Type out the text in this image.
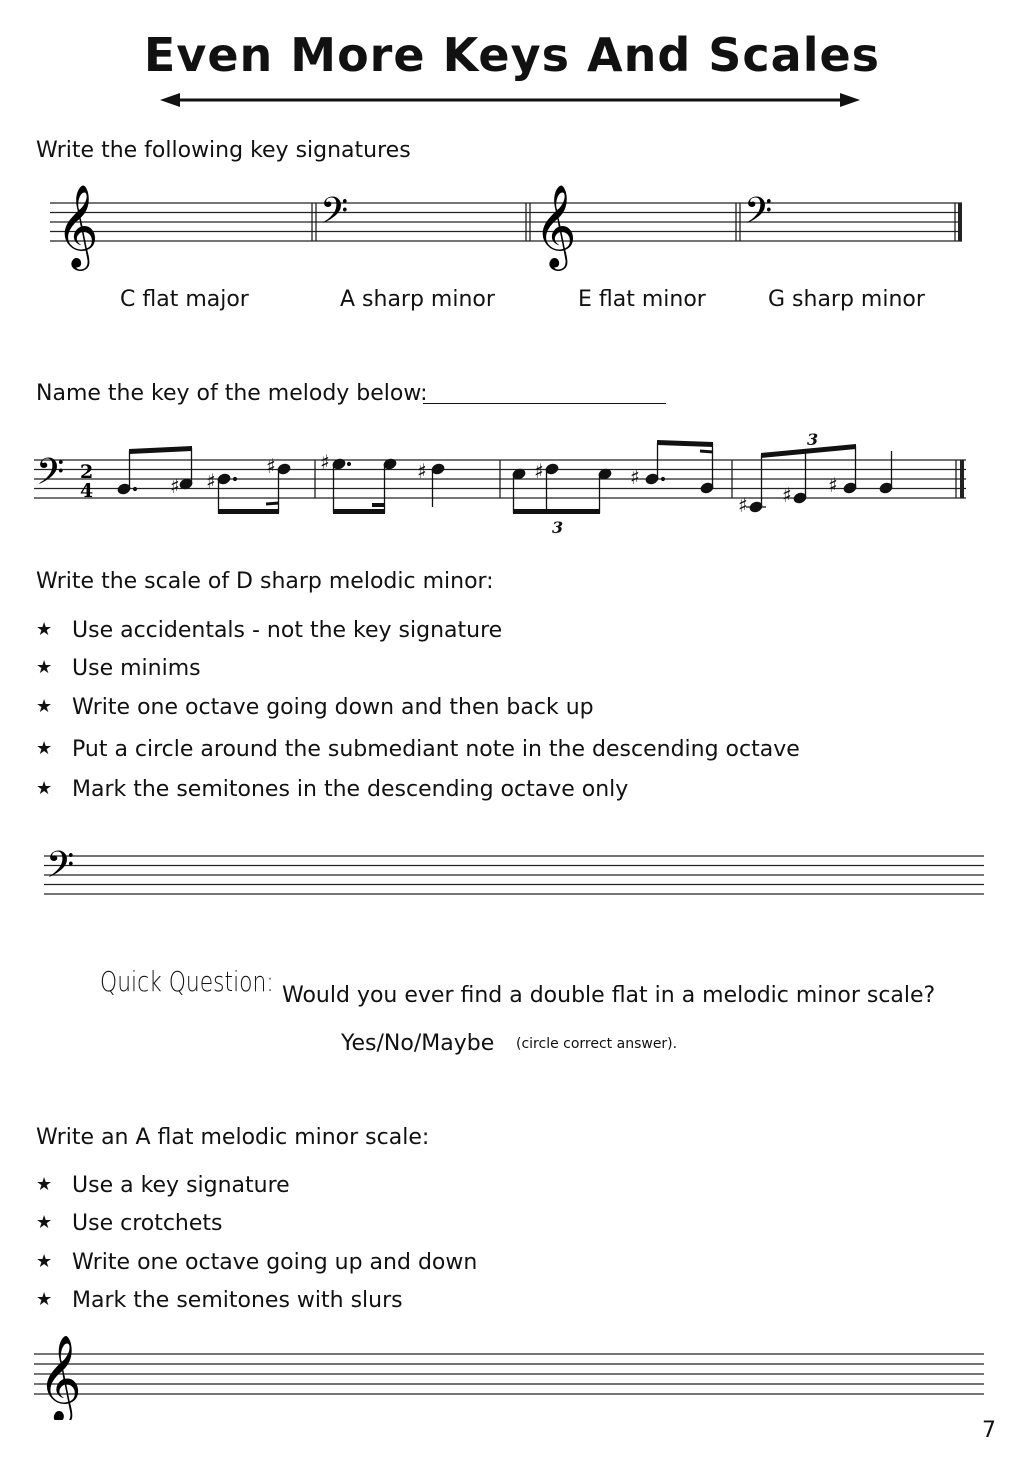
Even More Keys And Scales
Write the following key signatures
𝄞	𝄢	𝄞	𝄢
C flat major	A sharp minor	E flat minor	G sharp minor
Name the key of the melody below:
𝄢 2
4	♯ ♯
♯ ♯	♯	♯
3
♯
♯ ♯ ♯
3
Write the scale of D sharp melodic minor:
★ Use accidentals - not the key signature
★ Use minims
★ Write one octave going down and then back up
★ Put a circle around the submediant note in the descending octave
★ Mark the semitones in the descending octave only
𝄢
Quick Question: Would you ever find a double flat in a melodic minor scale?
Yes/No/Maybe (circle correct answer).
Write an A flat melodic minor scale:
★ Use a key signature
★ Use crotchets
★ Write one octave going up and down
★ Mark the semitones with slurs
𝄞
7
